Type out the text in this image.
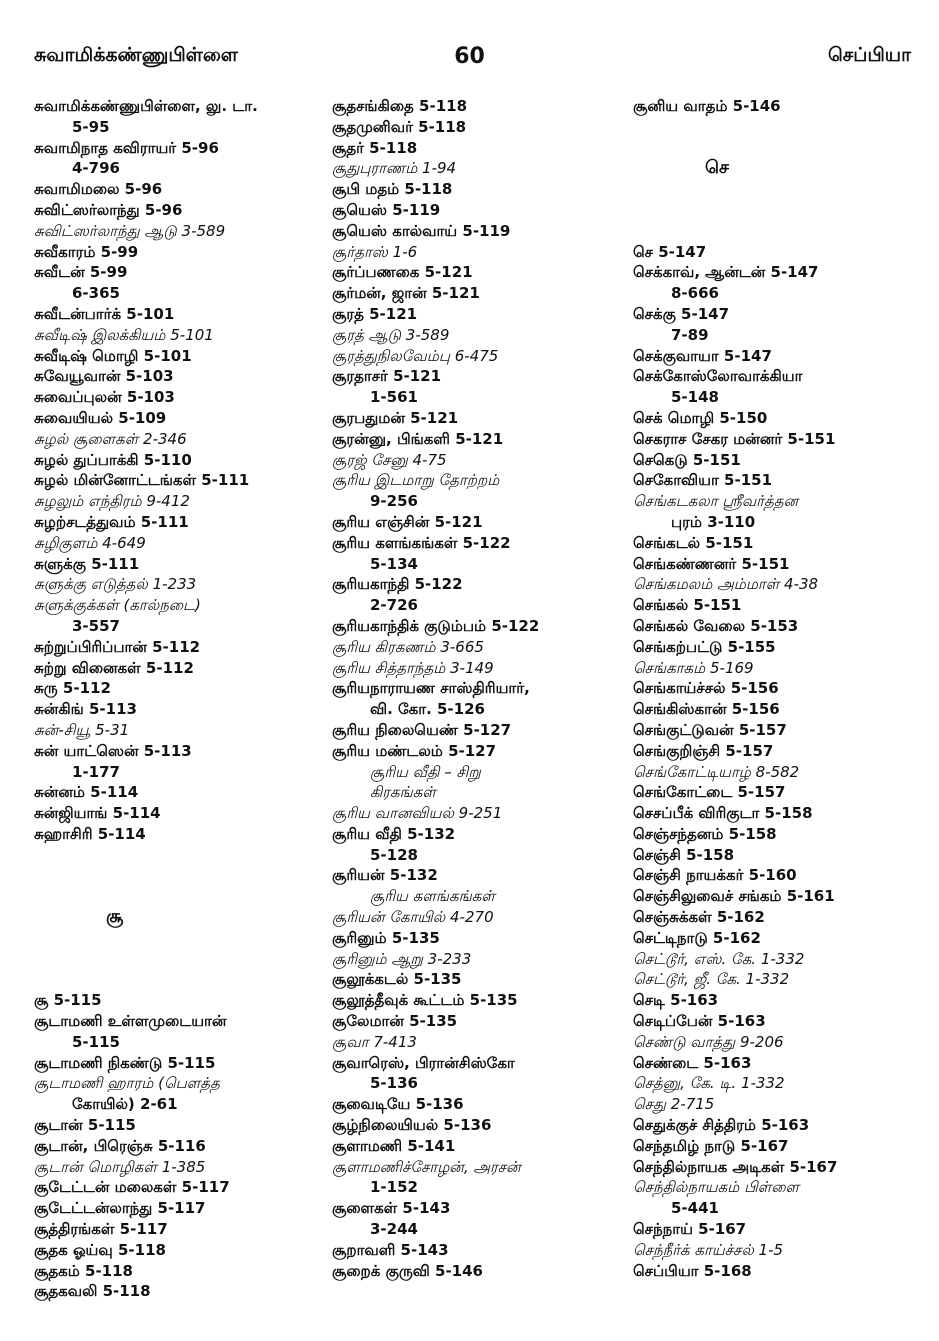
சுவாமிக்கண்ணுபிள்ளை	60	செப்பியா
சுவாமிக்கண்ணுபிள்ளை, லு. டா.
5-95
சுவாமிநாத கவிராயர் 5-96
4-796
சுவாமிமலை 5-96
சுவிட்ஸர்லாந்து 5-96
சுவிட்ஸர்லாந்து ஆடு 3-589
சுவீகாரம் 5-99
சுவீடன் 5-99
6-365
சுவீடன்பார்க் 5-101
சுவீடிஷ் இலக்கியம் 5-101
சுவீடிஷ் மொழி 5-101
சுவேயூவான் 5-103
சுவைப்புலன் 5-103
சுவையியல் 5-109
சுழல் சூளைகள் 2-346
சுழல் துப்பாக்கி 5-110
சுழல் மின்னோட்டங்கள் 5-111
சுழலும் எந்திரம் 9-412
சுழற்சடத்துவம் 5-111
சுழிகுளம் 4-649
சுளுக்கு 5-111
சுளுக்கு எடுத்தல் 1-233
சுளுக்குக்கள் (கால்நடை)
3-557
சுற்றுப்பிரிப்பான் 5-112
சுற்று வினைகள் 5-112
சுரு 5-112
சுன்கிங் 5-113
சுன்-சியூ 5-31
சுன் யாட்ஸென் 5-113
1-177
சுன்னம் 5-114
சுன்ஜியாங் 5-114
சுஹாசிரி 5-114
சூ
சூ 5-115
சூடாமணி உள்ளமுடையான்
5-115
சூடாமணி நிகண்டு 5-115
சூடாமணி ஹாரம் (பௌத்த
கோயில்) 2-61
சூடான் 5-115
சூடான், பிரெஞ்சு 5-116
சூடான் மொழிகள் 1-385
சூடேட்டன் மலைகள் 5-117
சூடேட்டன்லாந்து 5-117
சூத்திரங்கள் 5-117
சூதக ஓய்வு 5-118
சூதகம் 5-118
சூதகவலி 5-118
சூதசங்கிதை 5-118
சூதமுனிவர் 5-118
சூதர் 5-118
சூதுபுராணம் 1-94
சூபி மதம் 5-118
சூயெஸ் 5-119
சூயெஸ் கால்வாய் 5-119
சூர்தாஸ் 1-6
சூர்ப்பணகை 5-121
சூர்மன், ஜான் 5-121
சூரத் 5-121
சூரத் ஆடு 3-589
சூரத்துநிலவேம்பு 6-475
சூரதாசர் 5-121
1-561
சூரபதுமன் 5-121
சூரன்னு, பிங்களி 5-121
சூரஜ் சேனு 4-75
சூரிய இடமாறு தோற்றம்
9-256
சூரிய எஞ்சின் 5-121
சூரிய களங்கங்கள் 5-122
5-134
சூரியகாந்தி 5-122
2-726
சூரியகாந்திக் குடும்பம் 5-122
சூரிய கிரகணம் 3-665
சூரிய சித்தாந்தம் 3-149
சூரியநாராயண சாஸ்திரியார்,
வி. கோ. 5-126
சூரிய நிலையெண் 5-127
சூரிய மண்டலம் 5-127
சூரிய வீதி – சிறு
கிரகங்கள்
சூரிய வானவியல் 9-251
சூரிய வீதி 5-132
5-128
சூரியன் 5-132
சூரிய களங்கங்கள்
சூரியன் கோயில் 4-270
சூரினும் 5-135
சூரினும் ஆறு 3-233
சூலூக்கடல் 5-135
சூலூத்தீவுக் கூட்டம் 5-135
சூலேமான் 5-135
சூவா 7-413
சூவாரெஸ், பிரான்சிஸ்கோ
5-136
சூவைடியே 5-136
சூழ்நிலையியல் 5-136
சூளாமணி 5-141
சூளாமணிச்சோழன், அரசன்
1-152
சூளைகள் 5-143
3-244
சூறாவளி 5-143
சூறைக் குருவி 5-146
சூனிய வாதம் 5-146
செ
செ 5-147
செக்காவ், ஆன்டன் 5-147
8-666
செக்கு 5-147
7-89
செக்குவாயா 5-147
செக்கோஸ்லோவாக்கியா
5-148
செக் மொழி 5-150
செகராச சேகர மன்னர் 5-151
செகெடு 5-151
செகோவியா 5-151
செங்கடகலா ஸ்ரீவர்த்தன
புரம் 3-110
செங்கடல் 5-151
செங்கண்ணனர் 5-151
செங்கமலம் அம்மாள் 4-38
செங்கல் 5-151
செங்கல் வேலை 5-153
செங்கற்பட்டு 5-155
செங்காகம் 5-169
செங்காய்ச்சல் 5-156
செங்கிஸ்கான் 5-156
செங்குட்டுவன் 5-157
செங்குறிஞ்சி 5-157
செங்கோட்டியாழ் 8-582
செங்கோட்டை 5-157
செசப்பீக் விரிகுடா 5-158
செஞ்சந்தனம் 5-158
செஞ்சி 5-158
செஞ்சி நாயக்கர் 5-160
செஞ்சிலுவைச் சங்கம் 5-161
செஞ்சுக்கள் 5-162
செட்டிநாடு 5-162
செட்டூர், எஸ். கே. 1-332
செட்டூர், ஜீ. கே. 1-332
செடி 5-163
செடிப்பேன் 5-163
செண்டு வாத்து 9-206
செண்டை 5-163
செத்னு, கே. டி. 1-332
செது 2-715
செதுக்குச் சித்திரம் 5-163
செந்தமிழ் நாடு 5-167
செந்தில்நாயக அடிகள் 5-167
செந்தில்நாயகம் பிள்ளை
5-441
செந்நாய் 5-167
செந்நீர்க் காய்ச்சல் 1-5
செப்பியா 5-168
